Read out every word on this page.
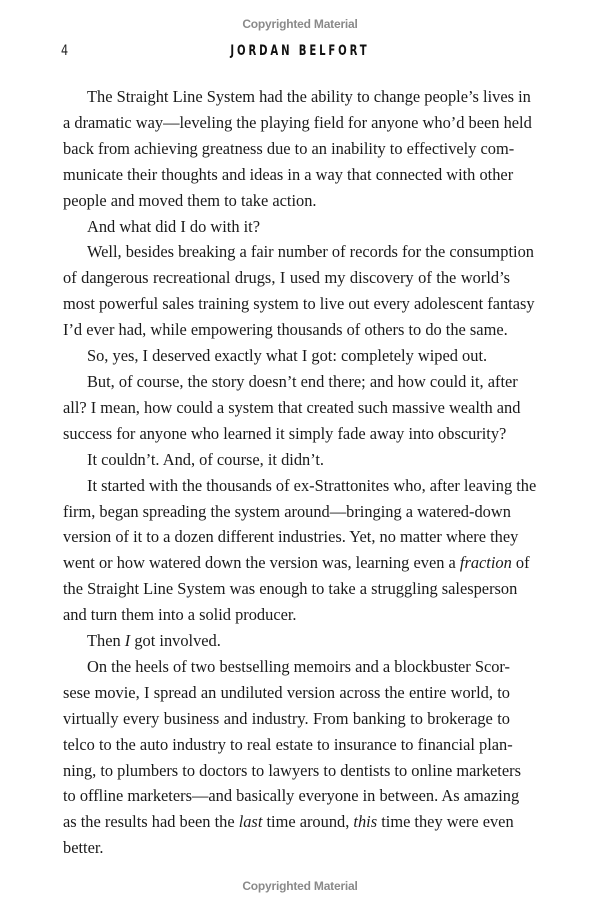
Copyrighted Material
4	JORDAN BELFORT
The Straight Line System had the ability to change people’s lives in
a dramatic way—leveling the playing field for anyone who’d been held
back from achieving greatness due to an inability to effectively com-
municate their thoughts and ideas in a way that connected with other
people and moved them to take action.
And what did I do with it?
Well, besides breaking a fair number of records for the consumption
of dangerous recreational drugs, I used my discovery of the world’s
most powerful sales training system to live out every adolescent fantasy
I’d ever had, while empowering thousands of others to do the same.
So, yes, I deserved exactly what I got: completely wiped out.
But, of course, the story doesn’t end there; and how could it, after
all? I mean, how could a system that created such massive wealth and
success for anyone who learned it simply fade away into obscurity?
It couldn’t. And, of course, it didn’t.
It started with the thousands of ex-Strattonites who, after leaving the
firm, began spreading the system around—bringing a watered-down
version of it to a dozen different industries. Yet, no matter where they
went or how watered down the version was, learning even a fraction of
the Straight Line System was enough to take a struggling salesperson
and turn them into a solid producer.
Then I got involved.
On the heels of two bestselling memoirs and a blockbuster Scor-
sese movie, I spread an undiluted version across the entire world, to
virtually every business and industry. From banking to brokerage to
telco to the auto industry to real estate to insurance to financial plan-
ning, to plumbers to doctors to lawyers to dentists to online marketers
to offline marketers—and basically everyone in between. As amazing
as the results had been the last time around, this time they were even
better.
Copyrighted Material
